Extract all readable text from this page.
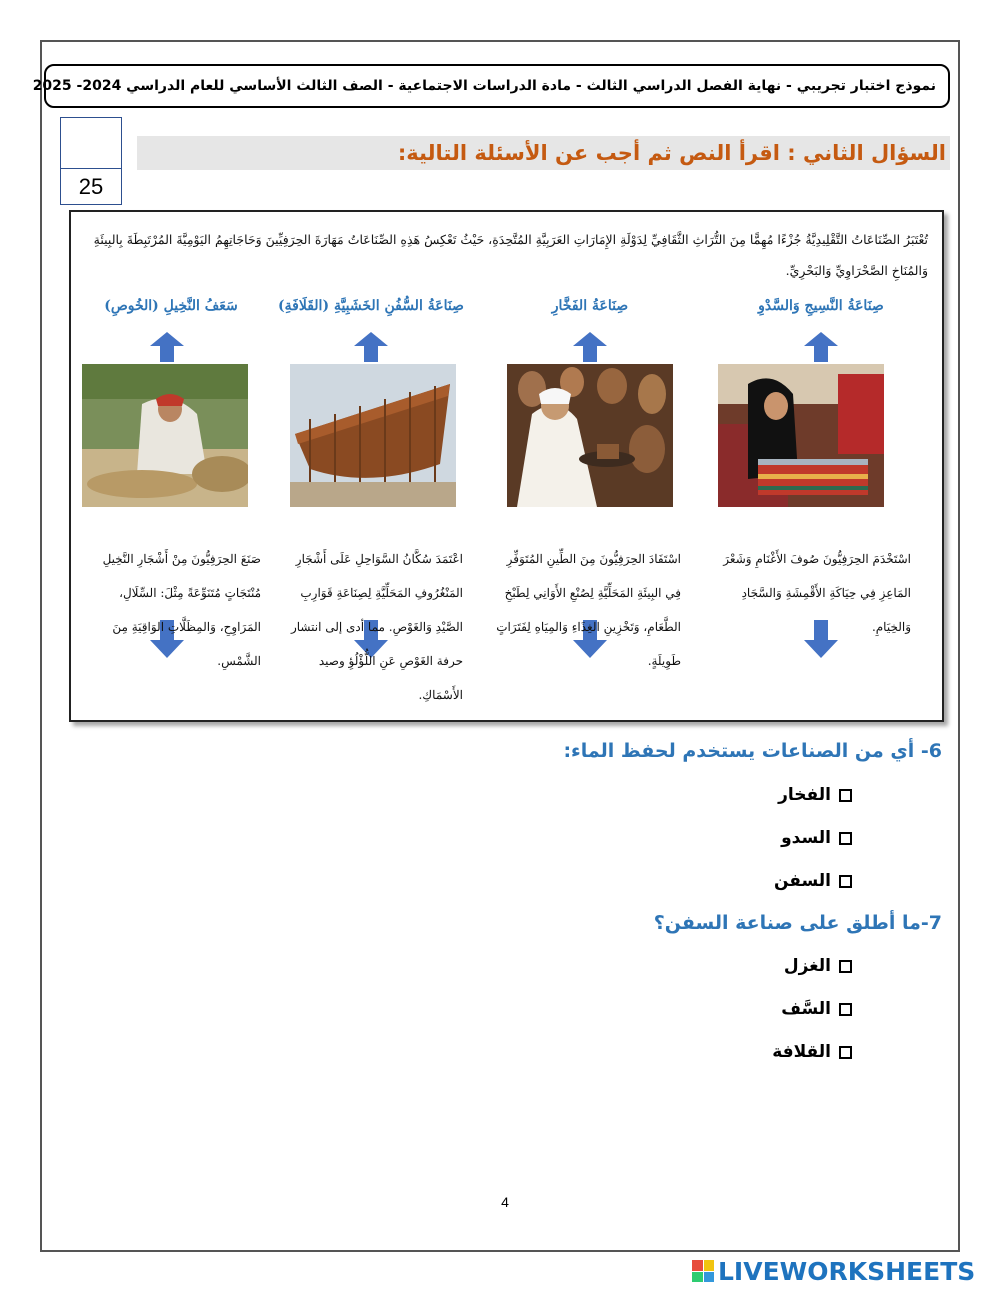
نموذج اختبار تجريبي - نهاية الفصل الدراسي الثالث - مادة الدراسات الاجتماعية - الصف الثالث الأساسي للعام الدراسي 2024- 2025
25
السؤال الثاني : اقرأ النص ثم أجب عن الأسئلة التالية:
تُعْتَبَرُ الصِّنَاعَاتُ التَّقْلِيدِيَّةُ جُزْءًا مُهِمًّا مِنَ التُّرَاثِ الثَّقَافِيِّ لِدَوْلَةِ الإِمَارَاتِ العَرَبِيَّةِ المُتَّحِدَةِ، حَيْثُ تَعْكِسُ هَذِهِ الصِّنَاعَاتُ مَهَارَةَ الحِرَفِيِّينَ وَحَاجَاتِهِمُ اليَوْمِيَّةَ المُرْتَبِطَةَ بِالبِيئَةِ وَالمُنَاخِ الصَّحْرَاوِيِّ وَالبَحْرِيِّ.
صِنَاعَةُ النَّسِيجِ وَالسَّدْوِ
صِنَاعَةُ الفَخَّارِ
صِنَاعَةُ السُّفُنِ الخَشَبِيَّةِ (القَلَافَةِ)
سَعَفُ النَّخِيلِ (الخُوصِ)
اسْتَخْدَمَ الحِرَفِيُّونَ صُوفَ الأَغْنَامِ وَشَعْرَ المَاعِزِ فِي حِيَاكَةِ الأَقْمِشَةِ وَالسَّجَادِ وَالخِيَامِ.
اسْتَفَادَ الحِرَفِيُّونَ مِنَ الطِّينِ المُتَوَفِّرِ فِي البِيئَةِ المَحَلِّيَّةِ لِصُنْعِ الأَوَانِي لِطَبْخِ الطَّعَامِ، وَتَخْزِينِ الغِذَاءِ وَالمِيَاهِ لِفَتَرَاتٍ طَوِيلَةٍ.
اعْتَمَدَ سُكَّانُ السَّوَاحِلِ عَلَى أَشْجَارِ المَنْغُرُوفِ المَحَلِّيَّةِ لِصِنَاعَةِ قَوَارِبِ الصَّيْدِ وَالغَوْصِ. مما أدى إلى انتشار حرفة الغَوْصِ عَنِ اللُّؤْلُؤِ وصيد الأَسْمَاكِ.
صَنَعَ الحِرَفِيُّونَ مِنْ أَشْجَارِ النَّخِيلِ مُنْتَجَاتٍ مُتَنَوِّعَةً مِثْلَ: السِّلَالِ، المَرَاوِحِ، وَالمِظَلَّاتِ الوَاقِيَةِ مِنَ الشَّمْسِ.
6- أي من الصناعات يستخدم لحفظ الماء:
الفخار
السدو
السفن
7-ما أطلق على صناعة السفن؟
الغزل
السَّف
القلافة
4
LIVEWORKSHEETS
